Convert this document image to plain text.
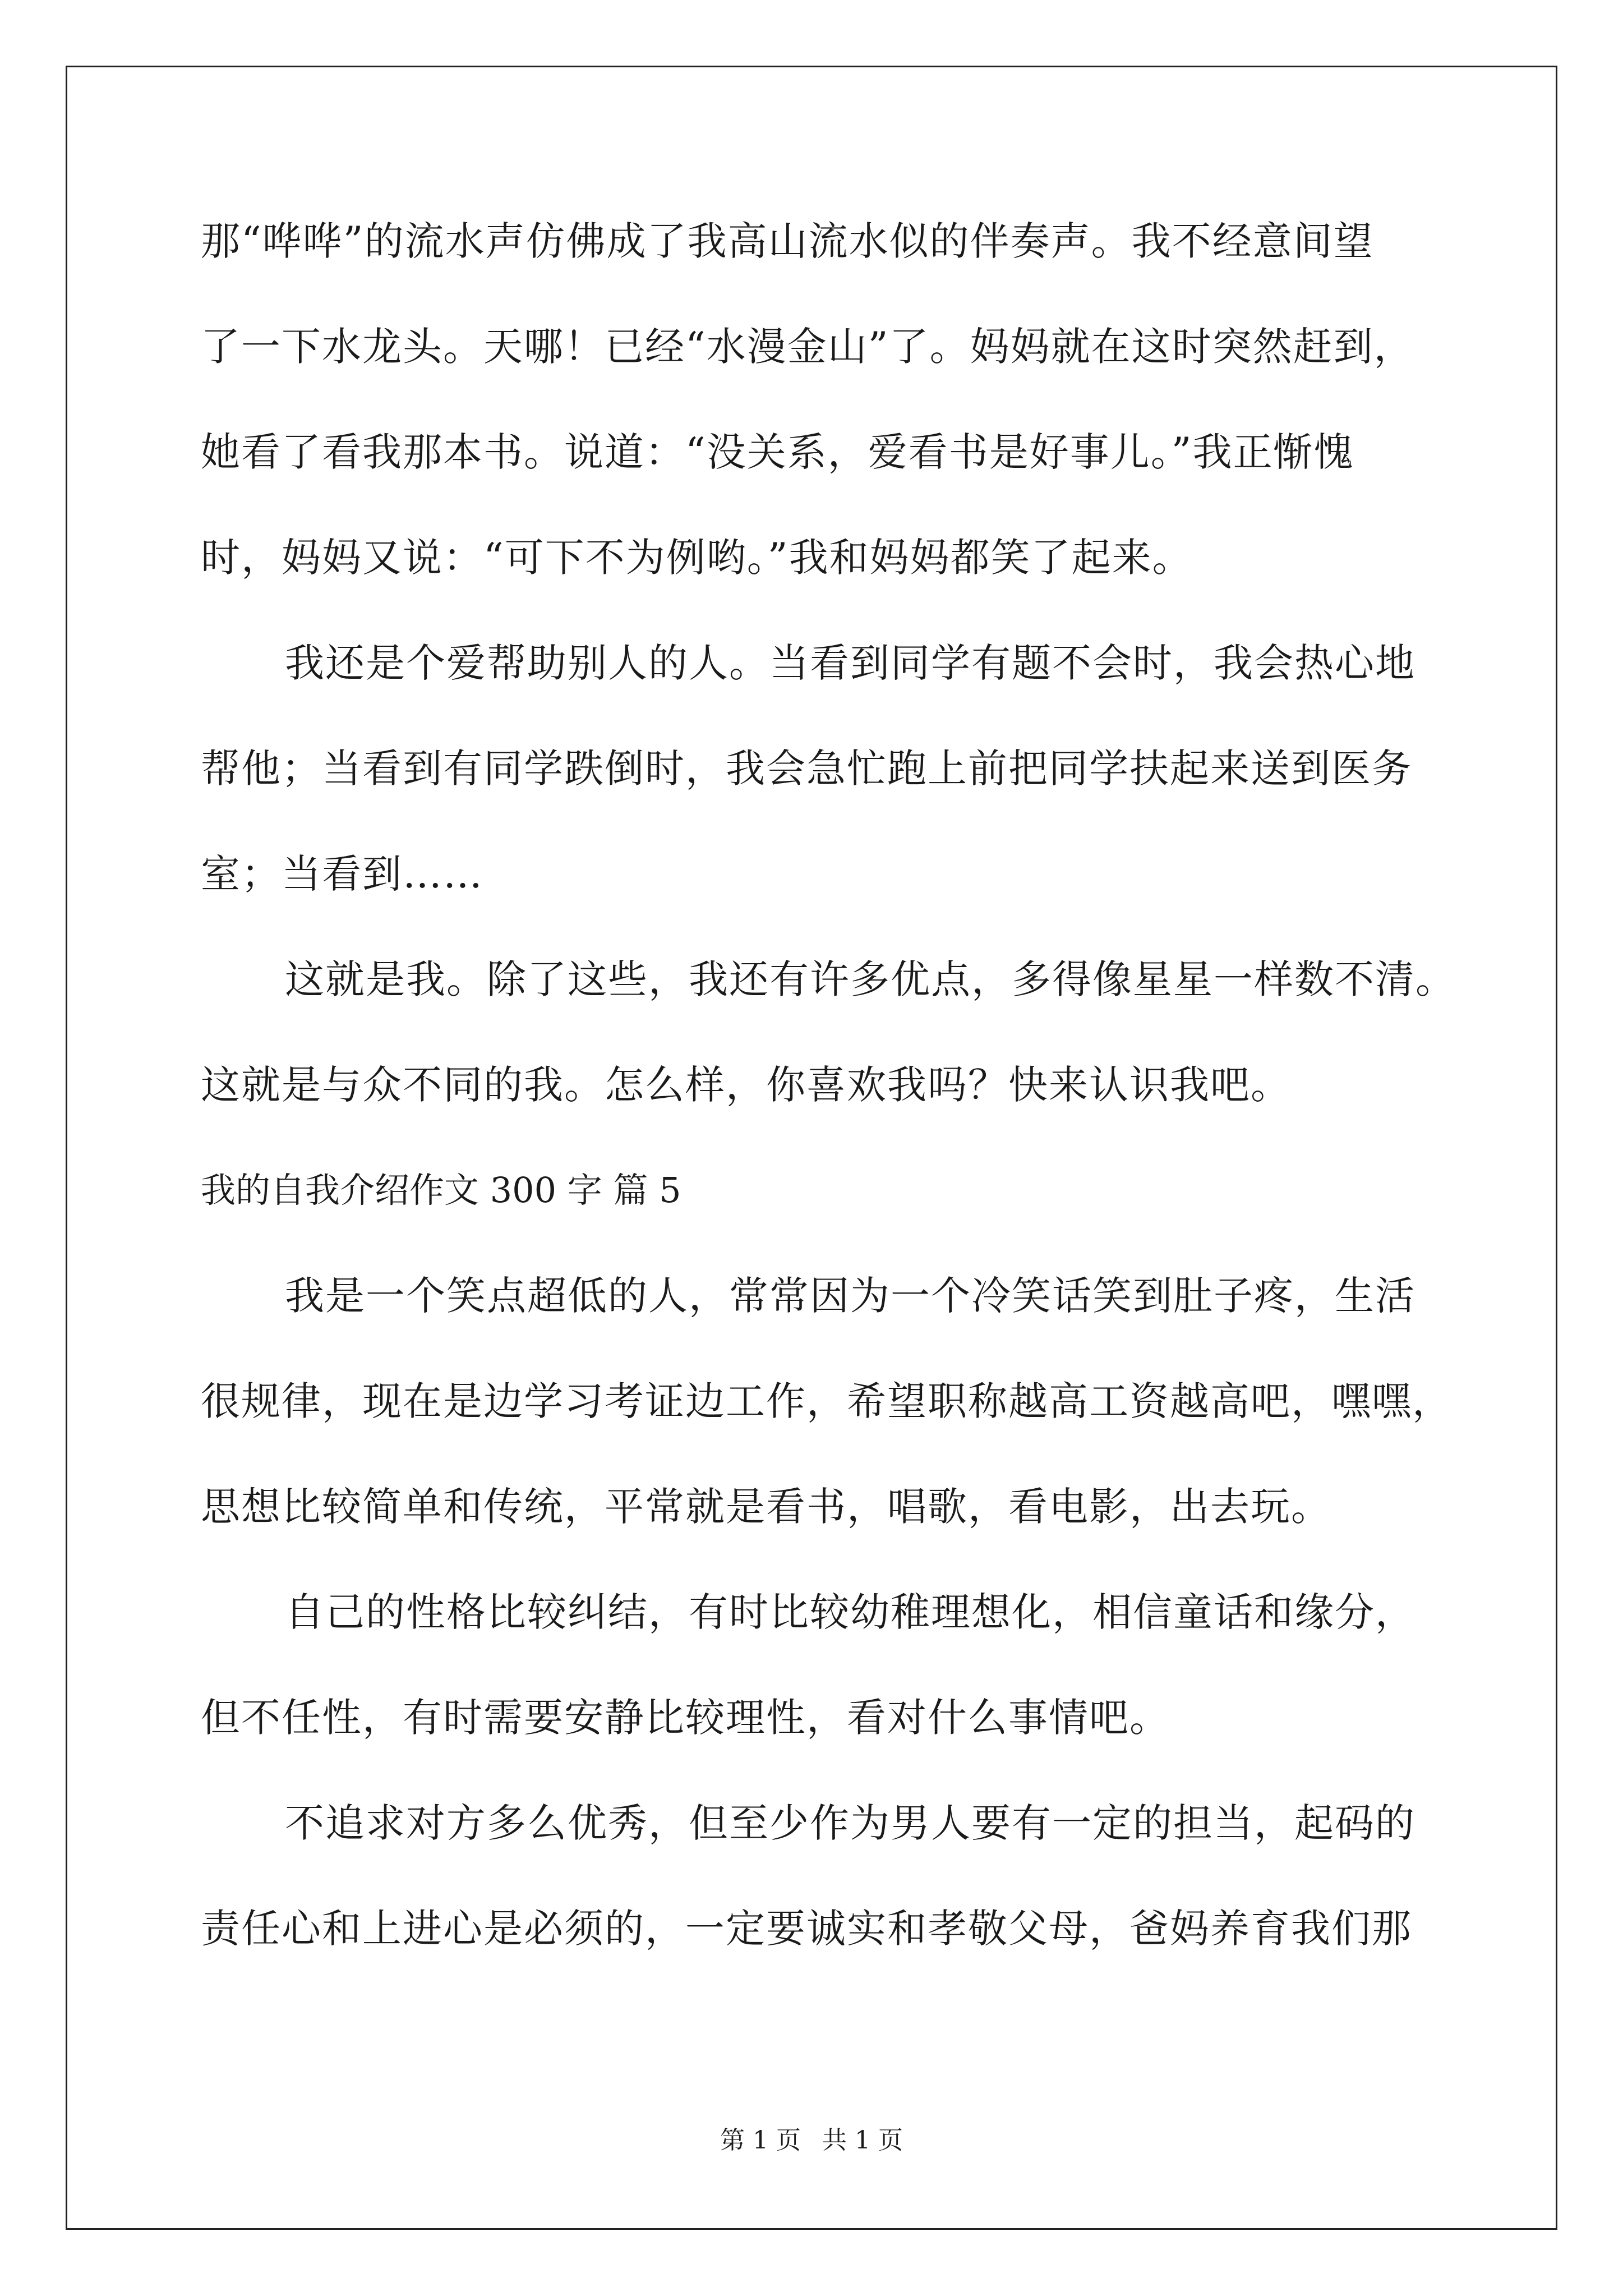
那“哗哗”的流水声仿佛成了我高山流水似的伴奏声。我不经意间望
了一下水龙头。天哪！已经“水漫金山”了。妈妈就在这时突然赶到，
她看了看我那本书。说道：“没关系，爱看书是好事儿。”我正惭愧
时，妈妈又说：“可下不为例哟。”我和妈妈都笑了起来。
我还是个爱帮助别人的人。当看到同学有题不会时，我会热心地
帮他；当看到有同学跌倒时，我会急忙跑上前把同学扶起来送到医务
室；当看到……
这就是我。除了这些，我还有许多优点，多得像星星一样数不清。
这就是与众不同的我。怎么样，你喜欢我吗？快来认识我吧。
我的自我介绍作文 300 字 篇 5
我是一个笑点超低的人，常常因为一个冷笑话笑到肚子疼，生活
很规律，现在是边学习考证边工作，希望职称越高工资越高吧，嘿嘿，
思想比较简单和传统，平常就是看书，唱歌，看电影，出去玩。
自己的性格比较纠结，有时比较幼稚理想化，相信童话和缘分，
但不任性，有时需要安静比较理性，看对什么事情吧。
不追求对方多么优秀，但至少作为男人要有一定的担当，起码的
责任心和上进心是必须的，一定要诚实和孝敬父母，爸妈养育我们那
第 1 页 共 1 页
